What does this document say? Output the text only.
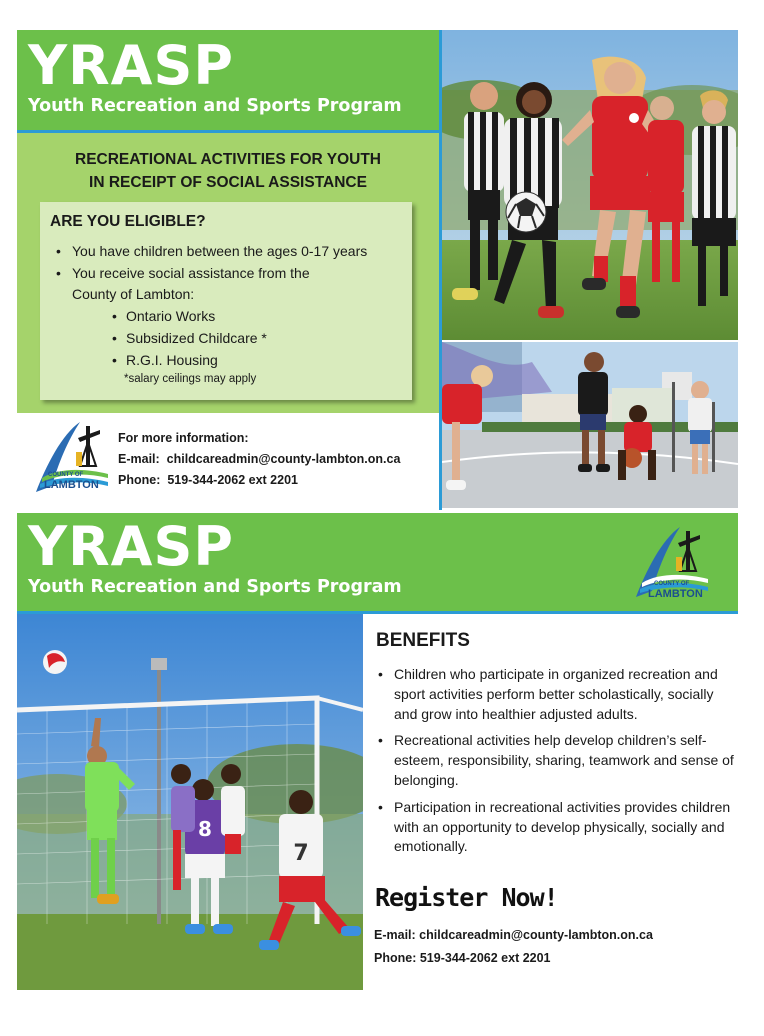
YRASP
Youth Recreation and Sports Program
RECREATIONAL ACTIVITIES FOR YOUTH
IN RECEIPT OF SOCIAL ASSISTANCE
ARE YOU ELIGIBLE?
• You have children between the ages 0-17 years
• You receive social assistance from the County of Lambton:
• Ontario Works
• Subsidized Childcare *
• R.G.I. Housing
*salary ceilings may apply
COUNTY OF
LAMBTON
For more information:
E-mail: childcareadmin@county-lambton.on.ca
Phone: 519-344-2062 ext 2201
YRASP
Youth Recreation and Sports Program	COUNTY OF
LAMBTON
8
7
BENEFITS
• Children who participate in organized recreation and sport activities perform better scholastically, socially and grow into healthier adjusted adults.
• Recreational activities help develop children’s self-esteem, responsibility, sharing, teamwork and sense of belonging.
• Participation in recreational activities provides children with an opportunity to develop physically, socially and emotionally.
Register Now!
E-mail: childcareadmin@county-lambton.on.ca
Phone: 519-344-2062 ext 2201
